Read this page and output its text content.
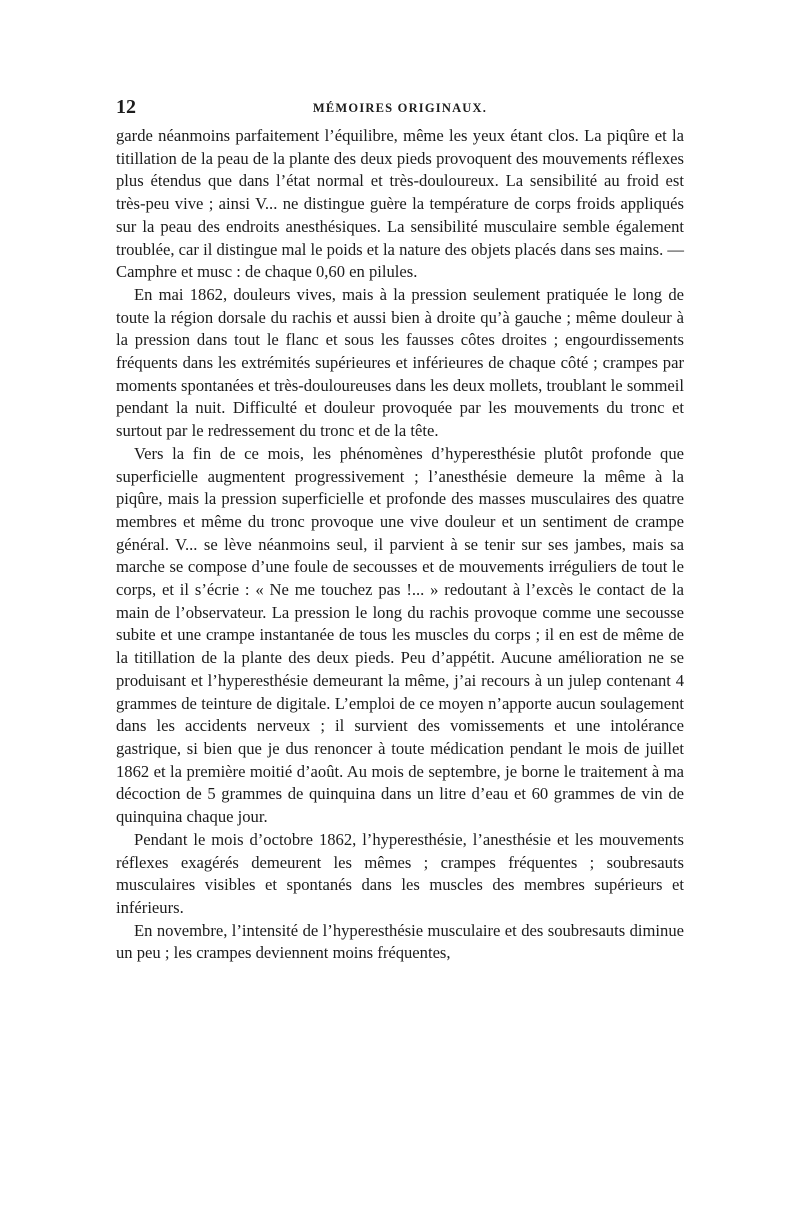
12	MÉMOIRES ORIGINAUX.

garde néanmoins parfaitement l’équilibre, même les yeux étant clos. La piqûre et la titillation de la peau de la plante des deux pieds provoquent des mouvements réflexes plus étendus que dans l’état normal et très-douloureux. La sensibilité au froid est très-peu vive ; ainsi V... ne distingue guère la température de corps froids appliqués sur la peau des endroits anesthésiques. La sensibilité musculaire semble également troublée, car il distingue mal le poids et la nature des objets placés dans ses mains. — Camphre et musc : de chaque 0,60 en pilules.

En mai 1862, douleurs vives, mais à la pression seulement pratiquée le long de toute la région dorsale du rachis et aussi bien à droite qu’à gauche ; même douleur à la pression dans tout le flanc et sous les fausses côtes droites ; engourdissements fréquents dans les extrémités supérieures et inférieures de chaque côté ; crampes par moments spontanées et très-douloureuses dans les deux mollets, troublant le sommeil pendant la nuit. Difficulté et douleur provoquée par les mouvements du tronc et surtout par le redressement du tronc et de la tête.

Vers la fin de ce mois, les phénomènes d’hyperesthésie plutôt profonde que superficielle augmentent progressivement ; l’anesthésie demeure la même à la piqûre, mais la pression superficielle et profonde des masses musculaires des quatre membres et même du tronc provoque une vive douleur et un sentiment de crampe général. V... se lève néanmoins seul, il parvient à se tenir sur ses jambes, mais sa marche se compose d’une foule de secousses et de mouvements irréguliers de tout le corps, et il s’écrie : « Ne me touchez pas !... » redoutant à l’excès le contact de la main de l’observateur. La pression le long du rachis provoque comme une secousse subite et une crampe instantanée de tous les muscles du corps ; il en est de même de la titillation de la plante des deux pieds. Peu d’appétit. Aucune amélioration ne se produisant et l’hyperesthésie demeurant la même, j’ai recours à un julep contenant 4 grammes de teinture de digitale. L’emploi de ce moyen n’apporte aucun soulagement dans les accidents nerveux ; il survient des vomissements et une intolérance gastrique, si bien que je dus renoncer à toute médication pendant le mois de juillet 1862 et la première moitié d’août. Au mois de septembre, je borne le traitement à ma décoction de 5 grammes de quinquina dans un litre d’eau et 60 grammes de vin de quinquina chaque jour.

Pendant le mois d’octobre 1862, l’hyperesthésie, l’anesthésie et les mouvements réflexes exagérés demeurent les mêmes ; crampes fréquentes ; soubresauts musculaires visibles et spontanés dans les muscles des membres supérieurs et inférieurs.

En novembre, l’intensité de l’hyperesthésie musculaire et des soubresauts diminue un peu ; les crampes deviennent moins fréquentes,
